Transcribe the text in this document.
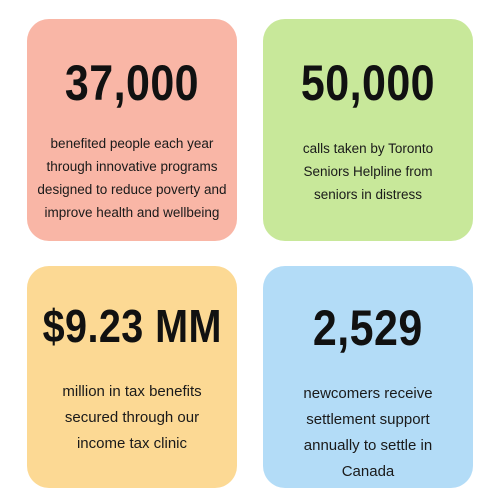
37,000
benefited people each year
through innovative programs
designed to reduce poverty and
improve health and wellbeing
50,000
calls taken by Toronto
Seniors Helpline from
seniors in distress
$9.23 MM
million in tax benefits
secured through our
income tax clinic
2,529
newcomers receive
settlement support
annually to settle in
Canada
